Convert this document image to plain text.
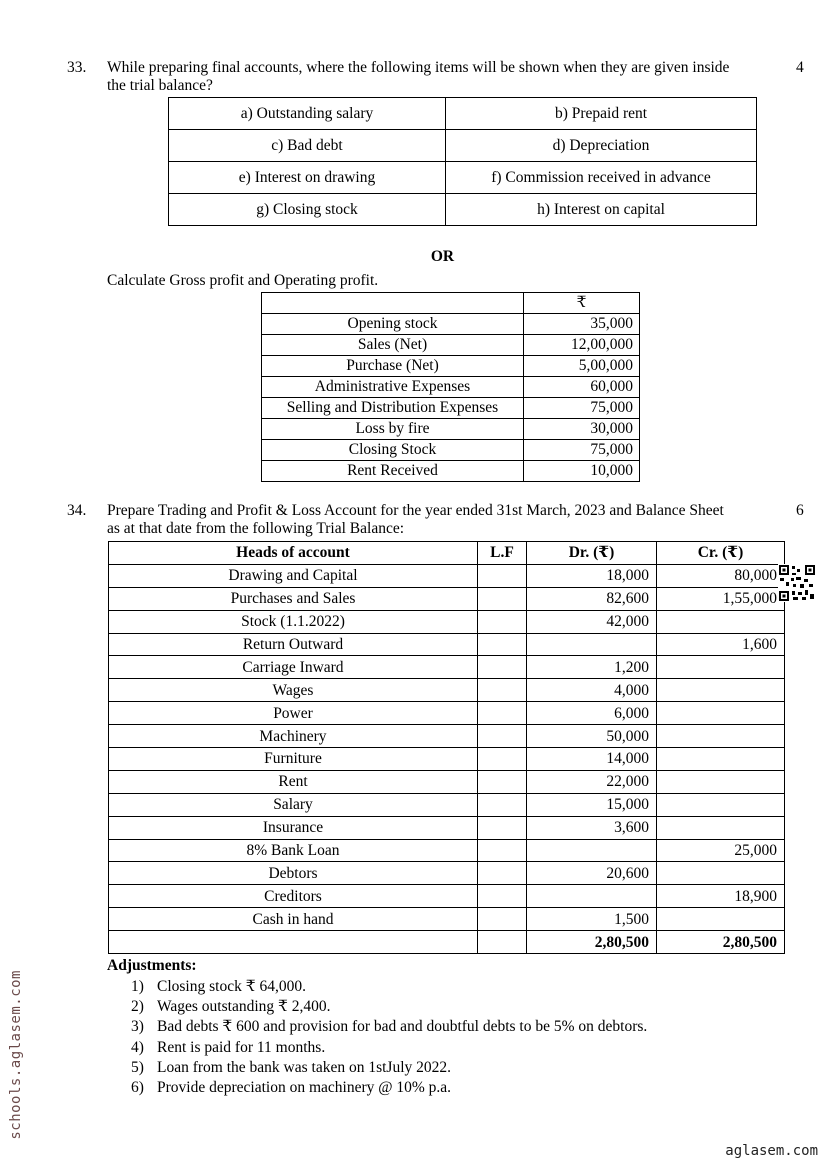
33. While preparing final accounts, where the following items will be shown when they are given inside
the trial balance?
4
a) Outstanding salary	b) Prepaid rent
c) Bad debt	d) Depreciation
e) Interest on drawing	f) Commission received in advance
g) Closing stock	h) Interest on capital
OR
Calculate Gross profit and Operating profit.
	₹
Opening stock	35,000
Sales (Net)	12,00,000
Purchase (Net)	5,00,000
Administrative Expenses	60,000
Selling and Distribution Expenses	75,000
Loss by fire	30,000
Closing Stock	75,000
Rent Received	10,000
34. Prepare Trading and Profit & Loss Account for the year ended 31st March, 2023 and Balance Sheet
as at that date from the following Trial Balance:
6
Heads of account	L.F	Dr. (₹)	Cr. (₹)
Drawing and Capital		18,000	80,000
Purchases and Sales		82,600	1,55,000
Stock (1.1.2022)		42,000	
Return Outward			1,600
Carriage Inward		1,200	
Wages		4,000	
Power		6,000	
Machinery		50,000	
Furniture		14,000	
Rent		22,000	
Salary		15,000	
Insurance		3,600	
8% Bank Loan			25,000
Debtors		20,600	
Creditors			18,900
Cash in hand		1,500	
		2,80,500	2,80,500
Adjustments:
1) Closing stock ₹ 64,000.
2) Wages outstanding ₹ 2,400.
3) Bad debts ₹ 600 and provision for bad and doubtful debts to be 5% on debtors.
4) Rent is paid for 11 months.
5) Loan from the bank was taken on 1stJuly 2022.
6) Provide depreciation on machinery @ 10% p.a.
schools.aglasem.com
aglasem.com
